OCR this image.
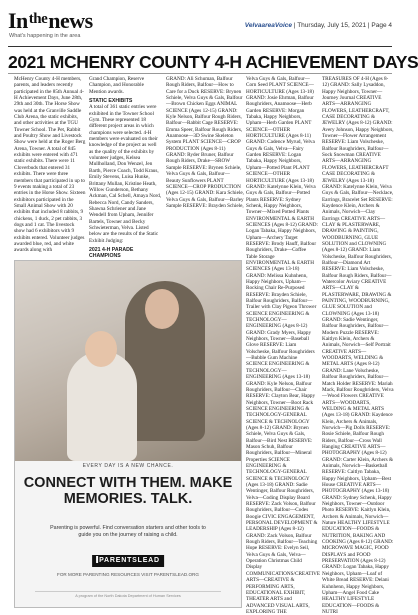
$In^{the}news$
What's happening in the area
VelvaareaVoice | Thursday, July 15, 2021 | Page 4
2021 MCHENRY COUNTY 4-H ACHIEVEMENT DAYS

McHenry County 4-H members, parents, and leaders recently participated in the 85th Annual 4-H Achievement Days, June 28th, 29th and 30th. The Horse Show was held at the Granville Saddle Club Arena, the static exhibits, and other activities at the TGU Towner School. The Pet, Rabbit and Poultry Show and Livestock Show were held at the Roger Berg Arena, Towner. A total of 845 exhibits were entered with 471 static exhibits. There were 11 Cloverbuds that entered 31 exhibits. There were three members that participated in up to 9 events making a total of 23 entries in the Horse Show. Sixteen exhibitors participated in the Small Animal Show with 20 exhibits that included 8 rabbits, 9 chickens, 1 duck, 2 pet rabbits, 3 dogs and 1 cat. The livestock show had 6 exhibitors with 9 exhibits entered. Volunteer judges awarded blue, red, and white awards along with

Grand Champion, Reserve Champion, and Honorable Mention awards.

STATIC EXHIBITS

A total of 361 static entries were exhibited in the Towner School Gym. These represented 18 different project areas in which champions were selected. 4-H members were evaluated on their knowledge of the project as well as the quality of the exhibits by volunteer judges, Kelsea Mullholland, Don Wenzel, Jen Barth, Pierce Coach, Todd Kraus, Emily Stevens, Luisa Hunke, Brittany Mullan, Kristine Heath, Willow Gunderson, Bethany Ackman, Cal Schell, Amaya Nord, Rebecca Nord, Candy Sanders, Shawna Schriener and Jane Wendell from Upham, Jennifer Bartels, Towner and Becky Schwieterman, Velva. Listed below are the results of the Static Exhibit Judging:

2021 4-H PARADE CHAMPIONS

GRAND: Ali Schuman, Balfour Rough Riders, Balfour—How to Care for a Duck RESERVE: Brynen Schiele, Velva Guys & Gals, Balfour—Brown Chicken Eggs ANIMAL SCIENCE (Ages 12-15) GRAND: Kyle Nelson, Balfour Rough Riders, Balfour—Rabbit Cage RESERVE: Emma Speer, Balfour Rough Riders, Anamoose—3D Swine Skeleton System PLANT SCIENCE—CROP PRODUCTION (Ages 8-11) GRAND: Ryder Bruner, Balfour Rough Riders, Drake—SROW Sample RESERVE: Brynen Schiele, Velva Guys & Gals, Balfour—Beauty Sunflowers PLANT SCIENCE—CROP PRODUCTION (Ages 12-15) GRAND: Kara Schiele, Velva Guys & Gals, Balfour—Barley Sample RESERVE: Brayden Schiele,

Velva Guys & Gals, Balfour—Corn Seed PLANT SCIENCE—HORTICULTURE (Ages 13-18) GRAND: Josie Ehrman, Balfour Roughriders, Anamoose—Herb Garden RESERVE: Morgan Tabaka, Happy Neighbors, Upham—Herb Garden PLANT SCIENCE—OTHER HORTICULTURE (Ages 8-11) GRAND: Cadence Myrud, Velva Guys & Gals, Velva—Fairy Garden RESERVE: Logan Tabaka, Happy Neighbors, Upham—Potted Plant PLANT SCIENCE—OTHER HORTICULTURE (Ages 13-18) GRAND: Katelynne Klein, Velva Guys & Gals, Balfour—Potted Plants RESERVE: Sydney Schenk, Happy Neighbors, Towner—Mixed Potted Plants ENVIRONMENTAL & EARTH SCIENCES (Ages 8-12) GRAND: Logan Tabaka, Happy Neighbors, Upham—Archery Target RESERVE: Brody Hauff, Balfour Roughriders, Drake—Coffee Table Storage ENVIRONMENTAL & EARTH SCIENCES (Ages 13-18) GRAND: Melissa Kuhnhenn, Happy Neighbors, Upham—Rocking Chair Re-Purposed RESERVE: Brayden Schiele, Balfour Roughriders, Balfour—Trailer with Clay Pigeon Thrower SCIENCE ENGINEERING & TECHNOLOGY—ENGINEERING (Ages 8-12) GRAND: Grady Myers, Happy Neighbors, Towner—Baseball Glove RESERVE: Liam Volscheske, Balfour Roughriders—Bubble Gum Machine SCIENCE ENGINEERING & TECHNOLOGY—ENGINEERING (Ages 13-18) GRAND: Kyle Nelson, Balfour Roughriders, Balfour—Chair RESERVE: Clayton Bear, Happy Neighbors, Towner—Boot Rack SCIENCE ENGINEERING & TECHNOLOGY-GENERAL SCIENCE & TECHNOLOGY (Ages 8-12) GRAND: Brynen Schiele, Velva Guys & Gals, Balfour—Bird Nest RESERVE: Mason Schuh, Balfour Roughriders, Balfour—Mineral Properties SCIENCE ENGINEERING & TECHNOLOGY-GENERAL SCIENCE & TECHNOLOGY (Ages 13-18) GRAND: Sadie Wentinger, Balfour Roughriders, Velva—Coding Display Board RESERVE: Zack Volson, Balfour Roughriders, Balfour—Codes Boogie CIVIC ENGAGEMENT, PERSONAL DEVELOPMENT & LEADERSHIP (Ages 8-12) GRAND: Zack Volson, Balfour Rough Riders, Balfour—Teaching Hope RESERVE: Evelyn Seil, Velva Guys & Gals, Velva—Operation Christmas Child Display COMMUNICATIONS/CREATIVE ARTS—CREATIVE & PERFORMING ARTS, EDUCATIONAL EXHIBIT, THEATER ARTS and ADVANCED VISUAL ARTS, EXPLORING THE

TREASURES OF 4-H (Ages 8-12) GRAND: Sally Lysaddon, Happy Neighbors, Towner—Journey Journal CREATIVE ARTS—ARRANGING FLOWERS, LEATHERCRAFT, CASE DECORATING & JEWELRY (Ages 8-12) GRAND: Avery Johnson, Happy Neighbors, Towner—Flower Arrangement RESERVE: Liam Volscheske, Balfour Roughriders, Balfour—Sock Snowman CREATIVE ARTS—ARRANGING FLOWERS, LEATHERCRAFT CASE DECORATING & JEWELRY (Ages 13-18) GRAND: Katelynne Klein, Velva Guys & Gals, Balfour—Necklace, Earrings, Bracelet Set RESERVE: Kaydence Klein, Archers & Animals, Norwich—Clay Earrings CREATIVE ARTS—CLAY & PLASTERWARE, DRAWING & PAINTING, WOODBURNING, GLUE SOLUTION and CLOWNING (Ages 8-12) GRAND: Liam Volscheske, Balfour Roughriders, Balfour—Diamond Art RESERVE: Liam Volscheske, Balfour Rough Riders, Balfour—Watercolor Aviary CREATIVE ARTS—CLAY & PLASTERWARE, DRAWING & PAINTING, WOODBURNING, GLUE SOLUTION and CLOWNING (Ages 13-18) GRAND: Sadie Wentinger, Balfour Roughriders, Balfour—Modern Puzzle RESERVE: Kaitlyn Klein, Archers & Animals, Norwich—Self Portrait CREATIVE ARTS—WOODARTS, WELDING & METAL ARTS (Ages 8-12) GRAND: Lane Volscheske, Balfour Roughriders, Balfour—Match Holder RESERVE: Mariah Mack, Balfour Roughriders, Velva—Wood Flowers CREATIVE ARTS—WOODARTS, WELDING & METAL ARTS (Ages 13-18) GRAND: Kaydence Klein, Archers & Animals, Norwich—Pig Dolls RESERVE: Rosie Schiele, Balfour Rough Riders, Balfour—Cross Wall Hanging CREATIVE ARTS—PHOTOGRAPHY (Ages 8-12) GRAND: Carter Klein, Archers & Animals, Norwich—Basketball RESERVE: Caitlyn Tabaka, Happy Neighbors, Upham—Best House CREATIVE ARTS—PHOTOGRAPHY (Ages 13-18) GRAND: Sydney Schenk, Happy Neighbors, Towner—Outdoor Photo RESERVE: Kaitlyn Klein, Archers & Animals, Norwich—Nature HEALTHY LIFESTYLE EDUCATION—FOODS & NUTRITION, BAKING AND COOKING (Ages 8-12) GRAND: MICROWAVE MAGIC, FOOD DISPLAYS and FOOD PRESERVATION (Ages 8-12) GRAND: Logan Tabaka, Happy Neighbors, Upham—Loaf of White Bread RESERVE: Delani Kuhnhenn, Happy Neighbors, Upham—Angel Food Cake HEALTHY LIFESTYLE EDUCATION—FOODS & NUTRI

EVERY DAY IS A NEW CHANCE.
CONNECT WITH THEM. MAKE MEMORIES. TALK.
Parenting is powerful. Find conversation starters and other tools to guide you on the journey of raising a child.
PARENTSLEAD
FOR MORE PARENTING RESOURCES VISIT PARENTSLEAD.ORG
A program of the North Dakota Department of Human Services
